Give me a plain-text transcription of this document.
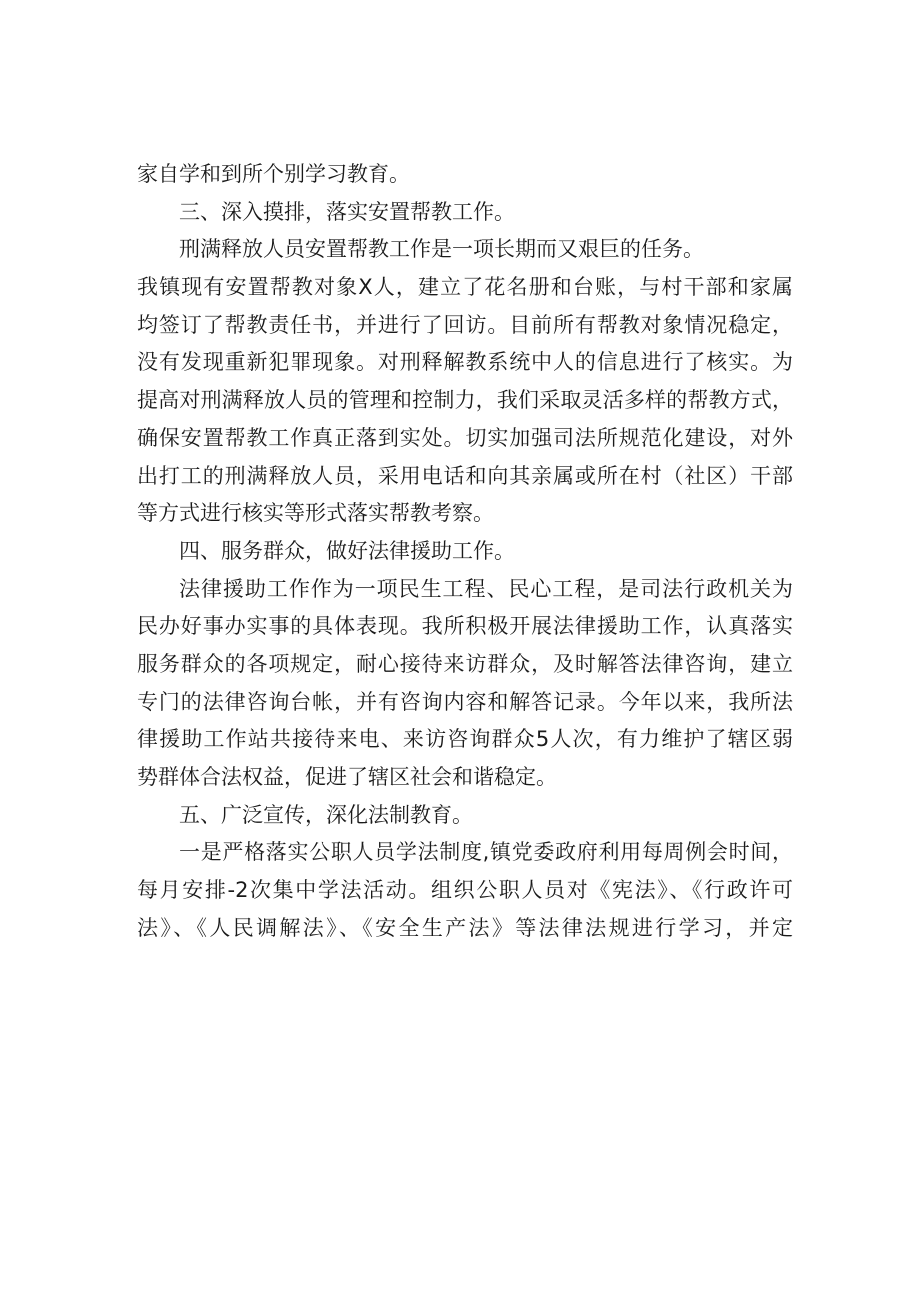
家自学和到所个别学习教育。
三、深入摸排，落实安置帮教工作。
刑满释放人员安置帮教工作是一项长期而又艰巨的任务。
我镇现有安置帮教对象X人，建立了花名册和台账，与村干部和家属
均签订了帮教责任书，并进行了回访。目前所有帮教对象情况稳定，
没有发现重新犯罪现象。对刑释解教系统中人的信息进行了核实。为
提高对刑满释放人员的管理和控制力，我们采取灵活多样的帮教方式，
确保安置帮教工作真正落到实处。切实加强司法所规范化建设，对外
出打工的刑满释放人员，采用电话和向其亲属或所在村（社区）干部
等方式进行核实等形式落实帮教考察。
四、服务群众，做好法律援助工作。
法律援助工作作为一项民生工程、民心工程，是司法行政机关为
民办好事办实事的具体表现。我所积极开展法律援助工作，认真落实
服务群众的各项规定，耐心接待来访群众，及时解答法律咨询，建立
专门的法律咨询台帐，并有咨询内容和解答记录。今年以来，我所法
律援助工作站共接待来电、来访咨询群众5人次，有力维护了辖区弱
势群体合法权益，促进了辖区社会和谐稳定。
五、广泛宣传，深化法制教育。
一是严格落实公职人员学法制度,镇党委政府利用每周例会时间，
每月安排-2次集中学法活动。组织公职人员对《宪法》、《行政许可
法》、《人民调解法》、《安全生产法》等法律法规进行学习，并定
